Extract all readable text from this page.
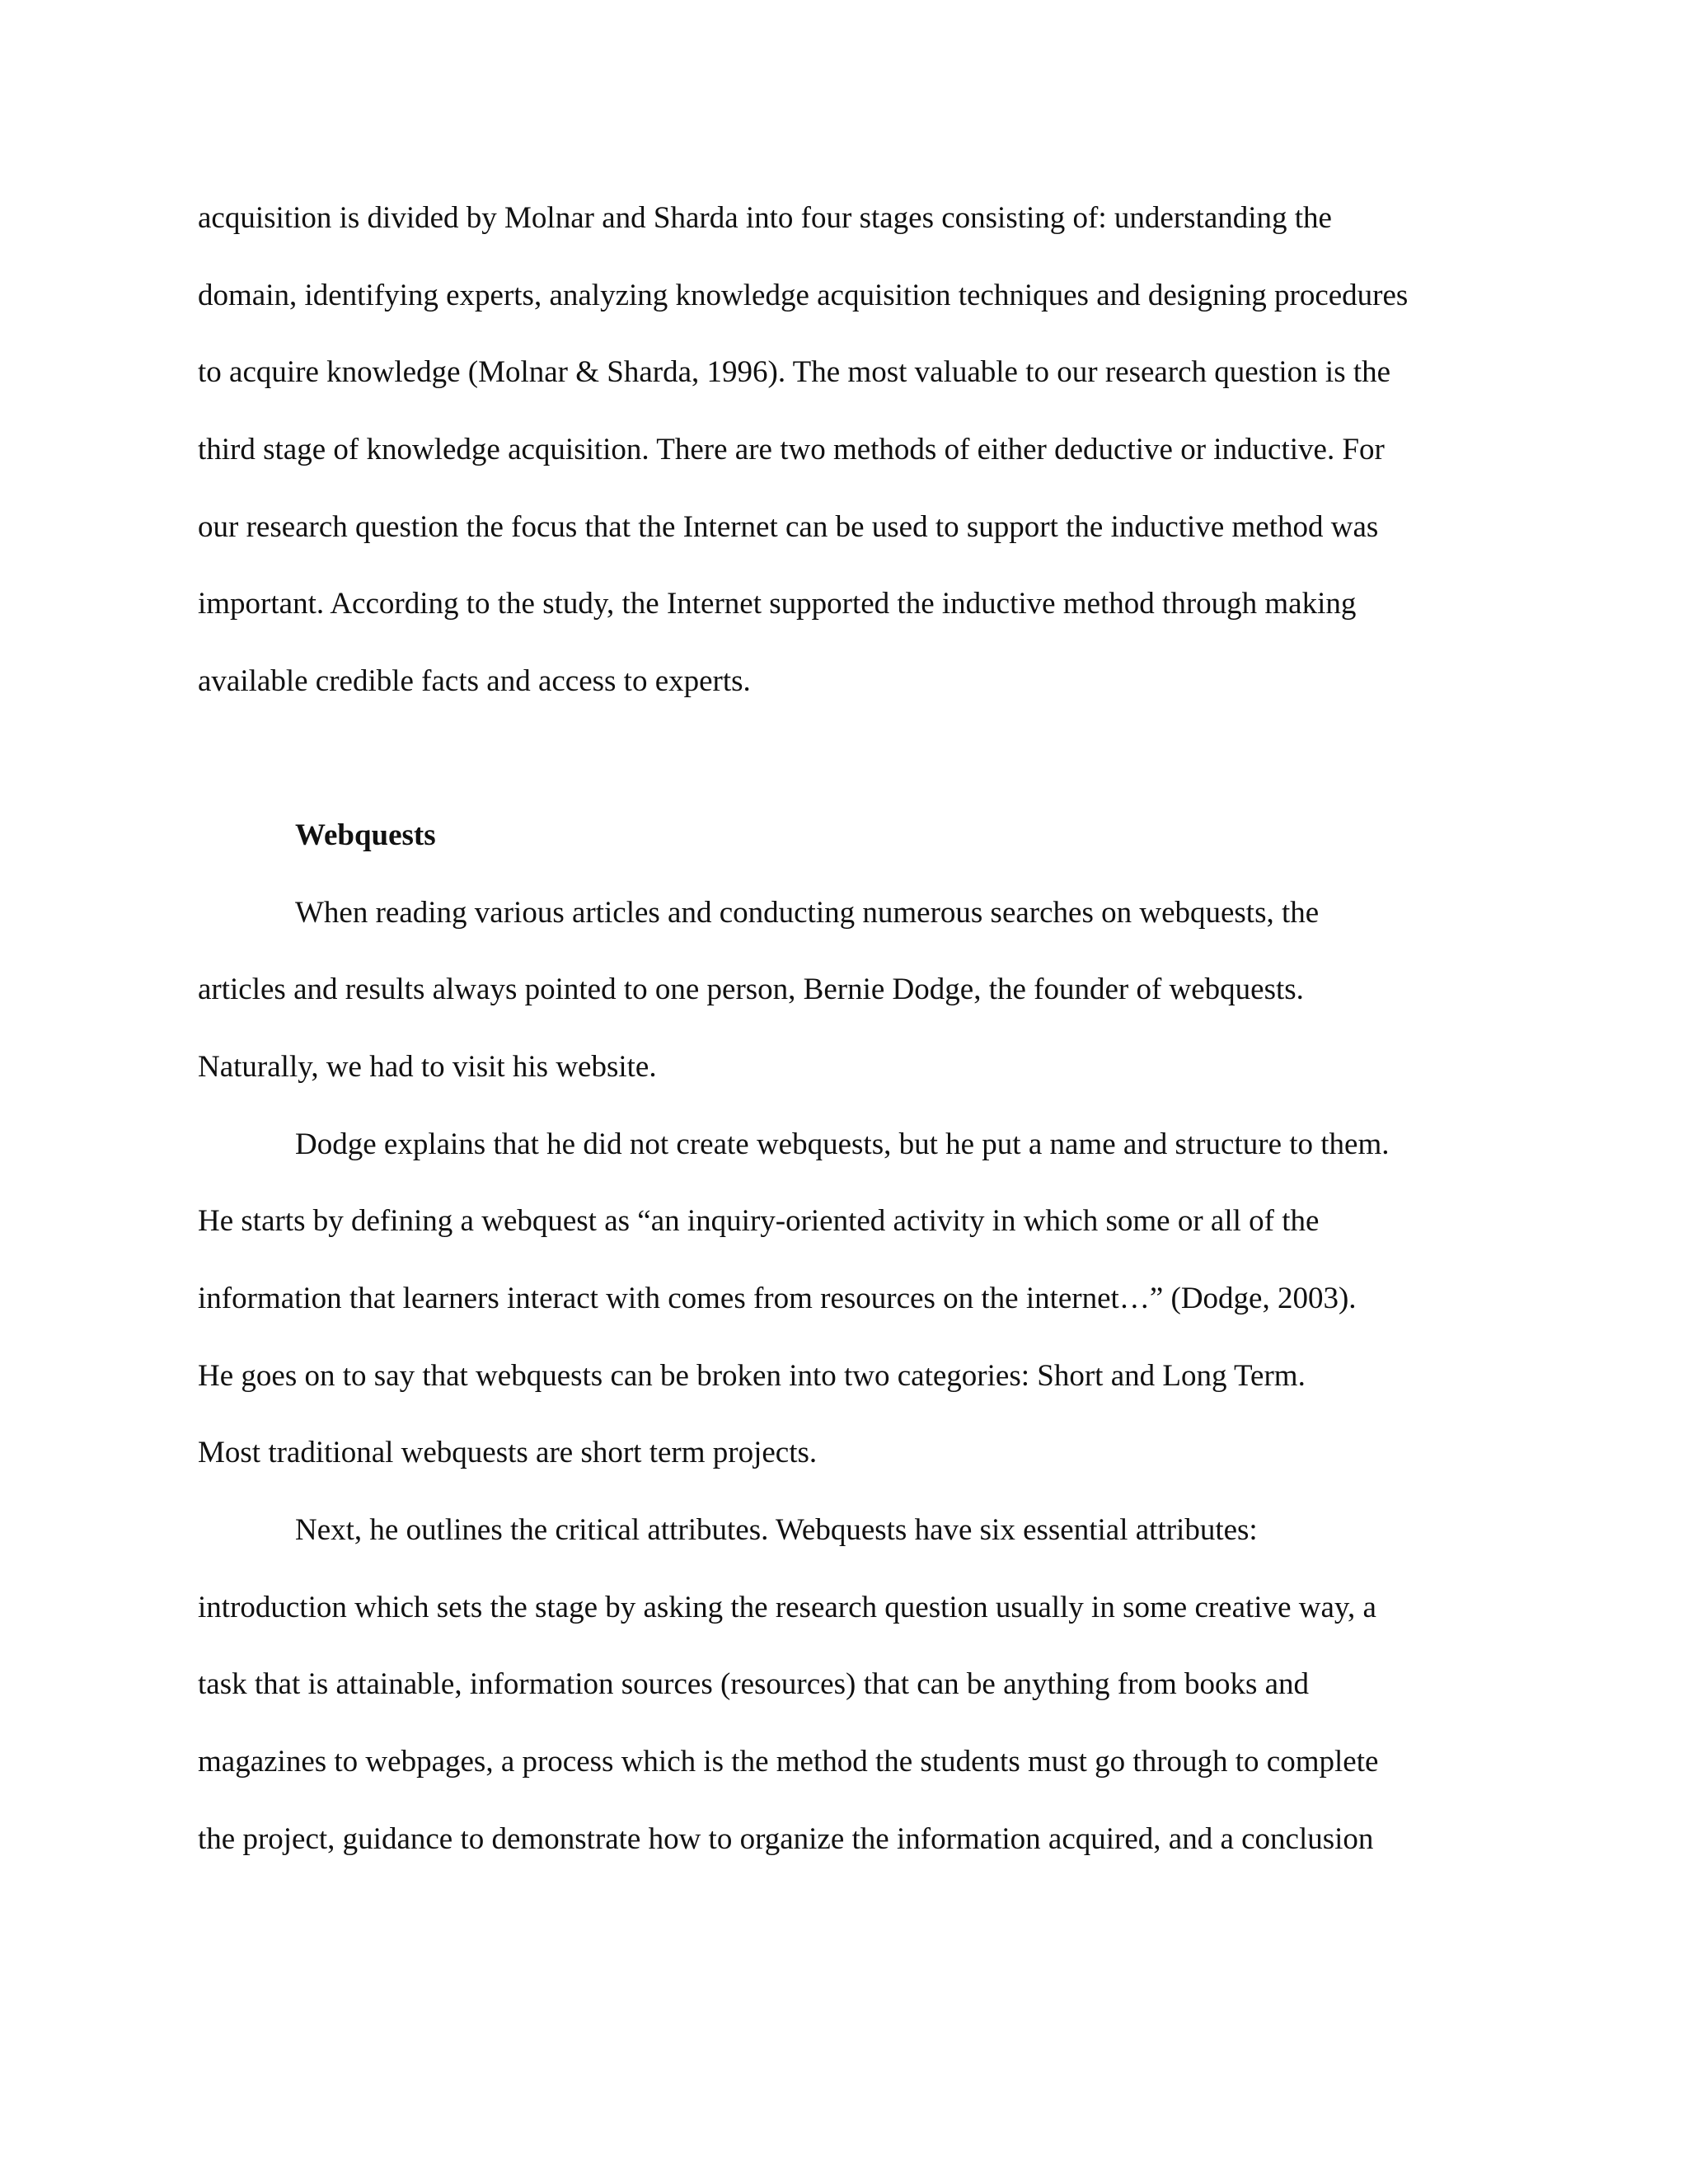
acquisition is divided by Molnar and Sharda into four stages consisting of: understanding the

domain, identifying experts, analyzing knowledge acquisition techniques and designing procedures

to acquire knowledge (Molnar & Sharda, 1996). The most valuable to our research question is the

third stage of knowledge acquisition. There are two methods of either deductive or inductive. For

our research question the focus that the Internet can be used to support the inductive method was

important. According to the study, the Internet supported the inductive method through making

available credible facts and access to experts.

Webquests

When reading various articles and conducting numerous searches on webquests, the

articles and results always pointed to one person, Bernie Dodge, the founder of webquests.

Naturally, we had to visit his website.

Dodge explains that he did not create webquests, but he put a name and structure to them.

He starts by defining a webquest as “an inquiry-oriented activity in which some or all of the

information that learners interact with comes from resources on the internet…” (Dodge, 2003).

He goes on to say that webquests can be broken into two categories: Short and Long Term.

Most traditional webquests are short term projects.

Next, he outlines the critical attributes. Webquests have six essential attributes:

introduction which sets the stage by asking the research question usually in some creative way, a

task that is attainable, information sources (resources) that can be anything from books and

magazines to webpages, a process which is the method the students must go through to complete

the project, guidance to demonstrate how to organize the information acquired, and a conclusion
